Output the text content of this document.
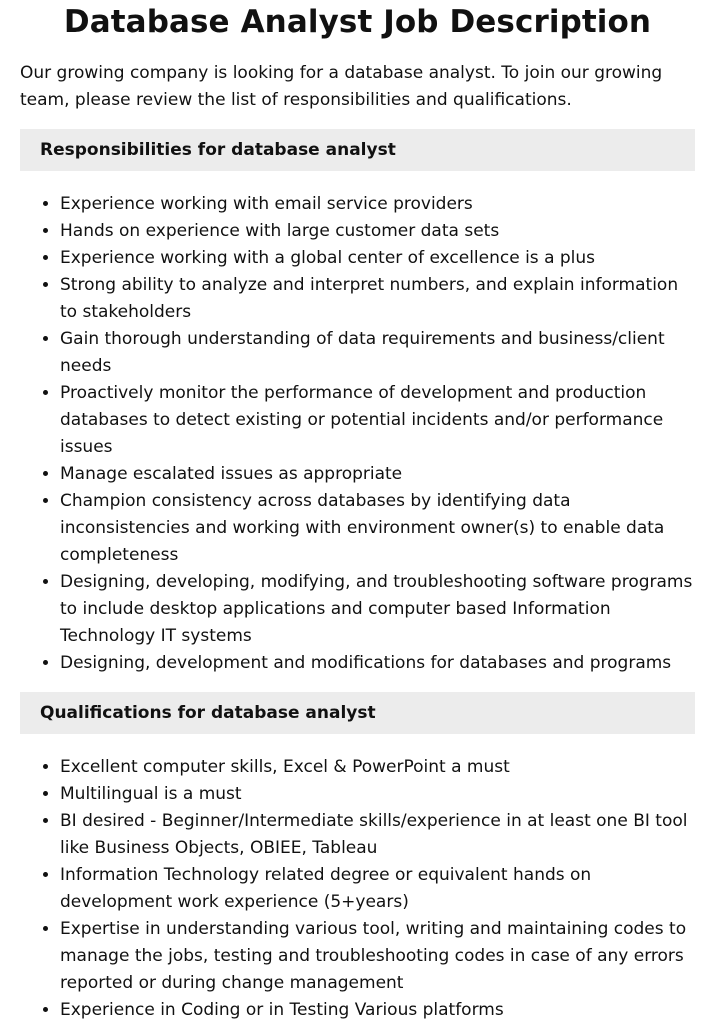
Database Analyst Job Description

Our growing company is looking for a database analyst. To join our growing team, please review the list of responsibilities and qualifications.

Responsibilities for database analyst
• Experience working with email service providers
• Hands on experience with large customer data sets
• Experience working with a global center of excellence is a plus
• Strong ability to analyze and interpret numbers, and explain information to stakeholders
• Gain thorough understanding of data requirements and business/client needs
• Proactively monitor the performance of development and production databases to detect existing or potential incidents and/or performance issues
• Manage escalated issues as appropriate
• Champion consistency across databases by identifying data inconsistencies and working with environment owner(s) to enable data completeness
• Designing, developing, modifying, and troubleshooting software programs to include desktop applications and computer based Information Technology IT systems
• Designing, development and modifications for databases and programs
Qualifications for database analyst
• Excellent computer skills, Excel & PowerPoint a must
• Multilingual is a must
• BI desired - Beginner/Intermediate skills/experience in at least one BI tool like Business Objects, OBIEE, Tableau
• Information Technology related degree or equivalent hands on development work experience (5+years)
• Expertise in understanding various tool, writing and maintaining codes to manage the jobs, testing and troubleshooting codes in case of any errors reported or during change management
• Experience in Coding or in Testing Various platforms
